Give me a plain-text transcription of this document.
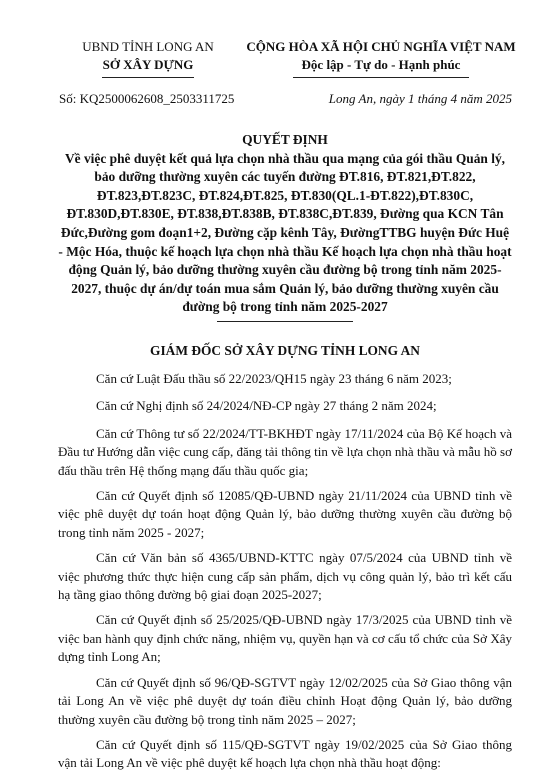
UBND TỈNH LONG AN
SỞ XÂY DỰNG
CỘNG HÒA XÃ HỘI CHỦ NGHĨA VIỆT NAM
Độc lập - Tự do - Hạnh phúc
Số: KQ2500062608_2503311725	Long An, ngày 1 tháng 4 năm 2025
QUYẾT ĐỊNH
Về việc phê duyệt kết quả lựa chọn nhà thầu qua mạng của gói thầu Quản lý, bảo dưỡng thường xuyên các tuyến đường ĐT.816, ĐT.821,ĐT.822, ĐT.823,ĐT.823C, ĐT.824,ĐT.825, ĐT.830(QL.1-ĐT.822),ĐT.830C, ĐT.830D,ĐT.830E, ĐT.838,ĐT.838B, ĐT.838C,ĐT.839, Đường qua KCN Tân Đức,Đường gom đoạn1+2, Đường cặp kênh Tây, ĐườngTTBG huyện Đức Huệ - Mộc Hóa, thuộc kế hoạch lựa chọn nhà thầu Kế hoạch lựa chọn nhà thầu hoạt động Quản lý, bảo dưỡng thường xuyên cầu đường bộ trong tỉnh năm 2025-2027, thuộc dự án/dự toán mua sắm Quản lý, bảo dưỡng thường xuyên cầu đường bộ trong tỉnh năm 2025-2027
GIÁM ĐỐC SỞ XÂY DỰNG TỈNH LONG AN

Căn cứ Luật Đấu thầu số 22/2023/QH15 ngày 23 tháng 6 năm 2023;

Căn cứ Nghị định số 24/2024/NĐ-CP ngày 27 tháng 2 năm 2024;

Căn cứ Thông tư số 22/2024/TT-BKHĐT ngày 17/11/2024 của Bộ Kế hoạch và Đầu tư Hướng dẫn việc cung cấp, đăng tải thông tin về lựa chọn nhà thầu và mẫu hồ sơ đấu thầu trên Hệ thống mạng đấu thầu quốc gia;

Căn cứ Quyết định số 12085/QĐ-UBND ngày 21/11/2024 của UBND tỉnh về việc phê duyệt dự toán hoạt động Quản lý, bảo dưỡng thường xuyên cầu đường bộ trong tỉnh năm 2025 - 2027;

Căn cứ Văn bản số 4365/UBND-KTTC ngày 07/5/2024 của UBND tỉnh về việc phương thức thực hiện cung cấp sản phẩm, dịch vụ công quản lý, bảo trì kết cấu hạ tầng giao thông đường bộ giai đoạn 2025-2027;

Căn cứ Quyết định số 25/2025/QĐ-UBND ngày 17/3/2025 của UBND tỉnh về việc ban hành quy định chức năng, nhiệm vụ, quyền hạn và cơ cấu tổ chức của Sở Xây dựng tỉnh Long An;

Căn cứ Quyết định số 96/QĐ-SGTVT ngày 12/02/2025 của Sở Giao thông vận tải Long An về việc phê duyệt dự toán điều chỉnh Hoạt động Quản lý, bảo dưỡng thường xuyên cầu đường bộ trong tỉnh năm 2025 – 2027;

Căn cứ Quyết định số 115/QĐ-SGTVT ngày 19/02/2025 của Sở Giao thông vận tải Long An về việc phê duyệt kế hoạch lựa chọn nhà thầu hoạt động:
